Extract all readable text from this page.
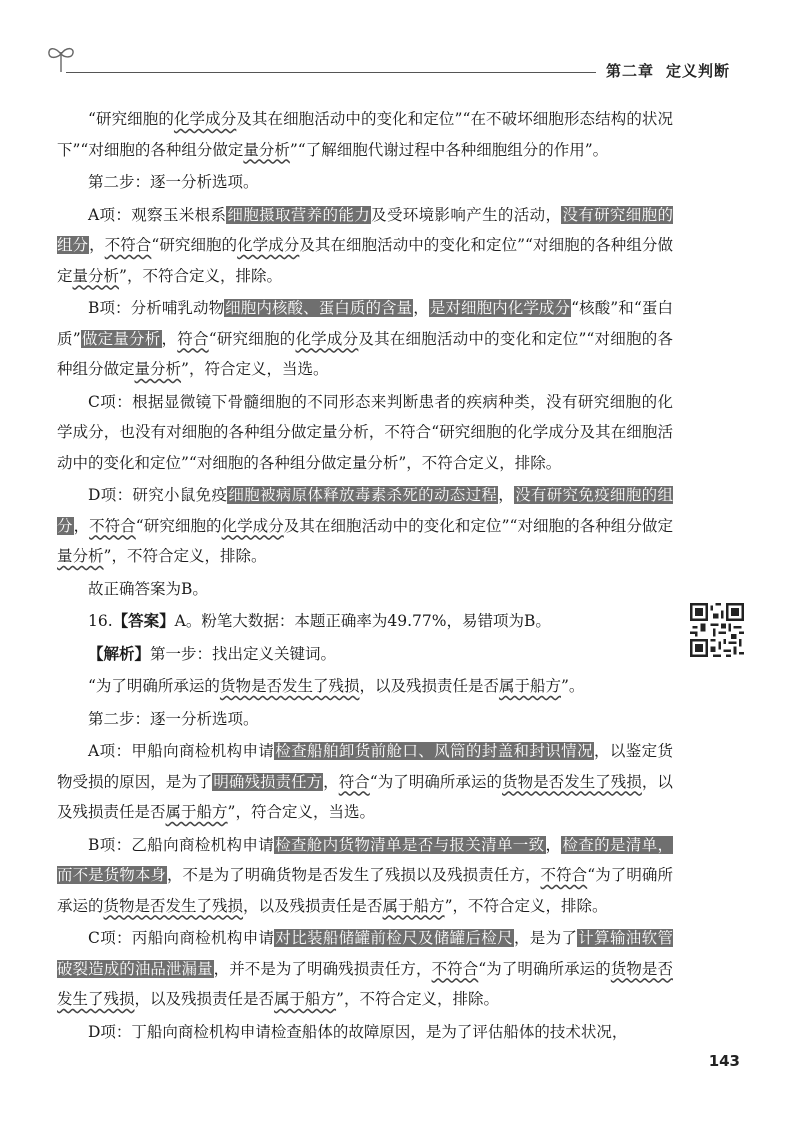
第二章 定义判断

“研究细胞的化学成分及其在细胞活动中的变化和定位”“在不破坏细胞形态结构的状况下”“对细胞的各种组分做定量分析”“了解细胞代谢过程中各种细胞组分的作用”。

第二步：逐一分析选项。

A项：观察玉米根系细胞摄取营养的能力及受环境影响产生的活动，没有研究细胞的组分，不符合“研究细胞的化学成分及其在细胞活动中的变化和定位”“对细胞的各种组分做定量分析”，不符合定义，排除。

B项：分析哺乳动物细胞内核酸、蛋白质的含量，是对细胞内化学成分“核酸”和“蛋白质”做定量分析，符合“研究细胞的化学成分及其在细胞活动中的变化和定位”“对细胞的各种组分做定量分析”，符合定义，当选。

C项：根据显微镜下骨髓细胞的不同形态来判断患者的疾病种类，没有研究细胞的化学成分，也没有对细胞的各种组分做定量分析，不符合“研究细胞的化学成分及其在细胞活动中的变化和定位”“对细胞的各种组分做定量分析”，不符合定义，排除。

D项：研究小鼠免疫细胞被病原体释放毒素杀死的动态过程，没有研究免疫细胞的组分，不符合“研究细胞的化学成分及其在细胞活动中的变化和定位”“对细胞的各种组分做定量分析”，不符合定义，排除。

故正确答案为B。

16.【答案】A。粉笔大数据：本题正确率为49.77%，易错项为B。

【解析】第一步：找出定义关键词。

“为了明确所承运的货物是否发生了残损，以及残损责任是否属于船方”。

第二步：逐一分析选项。

A项：甲船向商检机构申请检查船舶卸货前舱口、风筒的封盖和封识情况，以鉴定货物受损的原因，是为了明确残损责任方，符合“为了明确所承运的货物是否发生了残损，以及残损责任是否属于船方”，符合定义，当选。

B项：乙船向商检机构申请检查舱内货物清单是否与报关清单一致，检查的是清单，而不是货物本身，不是为了明确货物是否发生了残损以及残损责任方，不符合“为了明确所承运的货物是否发生了残损，以及残损责任是否属于船方”，不符合定义，排除。

C项：丙船向商检机构申请对比装船储罐前检尺及储罐后检尺，是为了计算输油软管破裂造成的油品泄漏量，并不是为了明确残损责任方，不符合“为了明确所承运的货物是否发生了残损，以及残损责任是否属于船方”，不符合定义，排除。

D项：丁船向商检机构申请检查船体的故障原因，是为了评估船体的技术状况，

143
